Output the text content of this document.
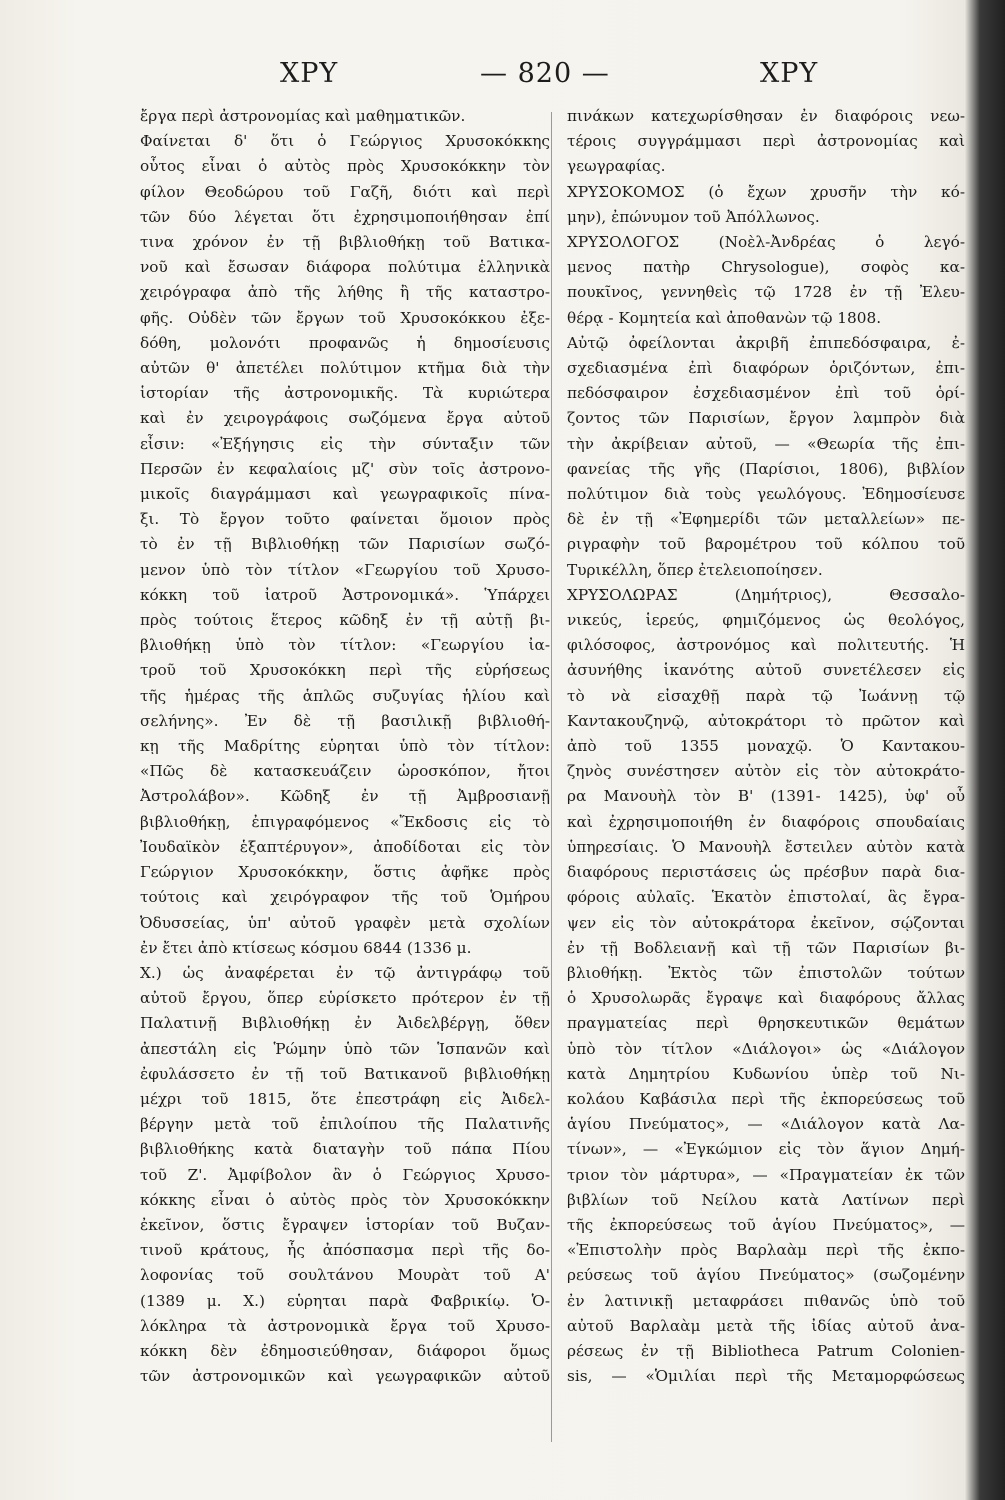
ΧΡΥ	— 820 —	ΧΡΥ
ἔργα περὶ ἀστρονομίας καὶ μαθηματικῶν.
Φαίνεται δ' ὅτι ὁ Γεώργιος Χρυσοκόκκης
οὗτος εἶναι ὁ αὐτὸς πρὸς Χρυσοκόκκην τὸν
φίλον Θεοδώρου τοῦ Γαζῆ, διότι καὶ περὶ
τῶν δύο λέγεται ὅτι ἐχρησιμοποιήθησαν ἐπί
τινα χρόνον ἐν τῇ βιβλιοθήκῃ τοῦ Βατικα-
νοῦ καὶ ἔσωσαν διάφορα πολύτιμα ἑλληνικὰ
χειρόγραφα ἀπὸ τῆς λήθης ἢ τῆς καταστρο-
φῆς. Οὐδὲν τῶν ἔργων τοῦ Χρυσοκόκκου ἐξε-
δόθη, μολονότι προφανῶς ἡ δημοσίευσις
αὐτῶν θ' ἀπετέλει πολύτιμον κτῆμα διὰ τὴν
ἱστορίαν τῆς ἀστρονομικῆς. Τὰ κυριώτερα
καὶ ἐν χειρογράφοις σωζόμενα ἔργα αὐτοῦ
εἶσιν: «Ἐξήγησις εἰς τὴν σύνταξιν τῶν
Περσῶν ἐν κεφαλαίοις μζ' σὺν τοῖς ἀστρονο-
μικοῖς διαγράμμασι καὶ γεωγραφικοῖς πίνα-
ξι. Τὸ ἔργον τοῦτο φαίνεται ὅμοιον πρὸς
τὸ ἐν τῇ Βιβλιοθήκῃ τῶν Παρισίων σωζό-
μενον ὑπὸ τὸν τίτλον «Γεωργίου τοῦ Χρυσο-
κόκκη τοῦ ἰατροῦ Ἀστρονομικά». Ὑπάρχει
πρὸς τούτοις ἕτερος κῶδηξ ἐν τῇ αὐτῇ βι-
βλιοθήκῃ ὑπὸ τὸν τίτλον: «Γεωργίου ἰα-
τροῦ τοῦ Χρυσοκόκκη περὶ τῆς εὑρήσεως
τῆς ἡμέρας τῆς ἁπλῶς συζυγίας ἡλίου καὶ
σελήνης». Ἐν δὲ τῇ βασιλικῇ βιβλιοθή-
κῃ τῆς Μαδρίτης εὑρηται ὑπὸ τὸν τίτλον:
«Πῶς δὲ κατασκευάζειν ὡροσκόπον, ἤτοι
Ἀστρολάβον». Κῶδηξ ἐν τῇ Ἀμβροσιανῇ
βιβλιοθήκῃ, ἐπιγραφόμενος «Ἔκδοσις εἰς τὸ
Ἰουδαϊκὸν ἑξαπτέρυγον», ἀποδίδοται εἰς τὸν
Γεώργιον Χρυσοκόκκην, ὅστις ἀφῆκε πρὸς
τούτοις καὶ χειρόγραφον τῆς τοῦ Ὁμήρου
Ὀδυσσείας, ὑπ' αὐτοῦ γραφὲν μετὰ σχολίων
ἐν ἔτει ἀπὸ κτίσεως κόσμου 6844 (1336 μ.
Χ.) ὡς ἀναφέρεται ἐν τῷ ἀντιγράφῳ τοῦ
αὐτοῦ ἔργου, ὅπερ εὑρίσκετο πρότερον ἐν τῇ
Παλατινῇ Βιβλιοθήκῃ ἐν Ἀιδελβέργῃ, ὅθεν
ἀπεστάλη εἰς Ῥώμην ὑπὸ τῶν Ἱσπανῶν καὶ
ἐφυλάσσετο ἐν τῇ τοῦ Βατικανοῦ βιβλιοθήκῃ
μέχρι τοῦ 1815, ὅτε ἐπεστράφη εἰς Ἀιδελ-
βέργην μετὰ τοῦ ἐπιλοίπου τῆς Παλατινῆς
βιβλιοθήκης κατὰ διαταγὴν τοῦ πάπα Πίου
τοῦ Ζ'. Ἀμφίβολον ἂν ὁ Γεώργιος Χρυσο-
κόκκης εἶναι ὁ αὐτὸς πρὸς τὸν Χρυσοκόκκην
ἐκεῖνον, ὅστις ἔγραψεν ἱστορίαν τοῦ Βυζαν-
τινοῦ κράτους, ἧς ἀπόσπασμα περὶ τῆς δο-
λοφονίας τοῦ σουλτάνου Μουρὰτ τοῦ Α'
(1389 μ. Χ.) εὑρηται παρὰ Φαβρικίῳ. Ὁ-
λόκληρα τὰ ἀστρονομικὰ ἔργα τοῦ Χρυσο-
κόκκη δὲν ἐδημοσιεύθησαν, διάφοροι ὅμως
τῶν ἀστρονομικῶν καὶ γεωγραφικῶν αὐτοῦ
πινάκων κατεχωρίσθησαν ἐν διαφόροις νεω-
τέροις συγγράμμασι περὶ ἀστρονομίας καὶ
γεωγραφίας.
ΧΡΥΣΟΚΟΜΟΣ (ὁ ἔχων χρυσῆν τὴν κό-
μην), ἐπώνυμον τοῦ Ἀπόλλωνος.
ΧΡΥΣΟΛΟΓΟΣ (Νοὲλ-Ἀνδρέας ὁ λεγό-
μενος πατὴρ Chrysologue), σοφὸς κα-
πουκῖνος, γεννηθεὶς τῷ 1728 ἐν τῇ Ἐλευ-
θέρᾳ - Κομητεία καὶ ἀποθανὼν τῷ 1808.
Αὐτῷ ὀφείλονται ἀκριβῆ ἐπιπεδόσφαιρα, ἐ-
σχεδιασμένα ἐπὶ διαφόρων ὁριζόντων, ἐπι-
πεδόσφαιρον ἐσχεδιασμένον ἐπὶ τοῦ ὁρί-
ζοντος τῶν Παρισίων, ἔργον λαμπρὸν διὰ
τὴν ἀκρίβειαν αὐτοῦ, — «Θεωρία τῆς ἐπι-
φανείας τῆς γῆς (Παρίσιοι, 1806), βιβλίον
πολύτιμον διὰ τοὺς γεωλόγους. Ἐδημοσίευσε
δὲ ἐν τῇ «Ἐφημερίδι τῶν μεταλλείων» πε-
ριγραφὴν τοῦ βαρομέτρου τοῦ κόλπου τοῦ
Τυρικέλλη, ὅπερ ἐτελειοποίησεν.
ΧΡΥΣΟΛΩΡΑΣ (Δημήτριος), Θεσσαλο-
νικεύς, ἱερεύς, φημιζόμενος ὡς θεολόγος,
φιλόσοφος, ἀστρονόμος καὶ πολιτευτής. Ἡ
ἀσυνήθης ἱκανότης αὐτοῦ συνετέλεσεν εἰς
τὸ νὰ εἰσαχθῇ παρὰ τῷ Ἰωάννῃ τῷ
Καντακουζηνῷ, αὐτοκράτορι τὸ πρῶτον καὶ
ἀπὸ τοῦ 1355 μοναχῷ. Ὁ Καντακου-
ζηνὸς συνέστησεν αὐτὸν εἰς τὸν αὐτοκράτο-
ρα Μανουὴλ τὸν Β' (1391- 1425), ὑφ' οὗ
καὶ ἐχρησιμοποιήθη ἐν διαφόροις σπουδαίαις
ὑπηρεσίαις. Ὁ Μανουὴλ ἔστειλεν αὐτὸν κατὰ
διαφόρους περιστάσεις ὡς πρέσβυν παρὰ δια-
φόροις αὐλαῖς. Ἑκατὸν ἐπιστολαί, ἃς ἔγρα-
ψεν εἰς τὸν αὐτοκράτορα ἐκεῖνον, σῴζονται
ἐν τῇ Βοδλειανῇ καὶ τῇ τῶν Παρισίων βι-
βλιοθήκῃ. Ἐκτὸς τῶν ἐπιστολῶν τούτων
ὁ Χρυσολωρᾶς ἔγραψε καὶ διαφόρους ἄλλας
πραγματείας περὶ θρησκευτικῶν θεμάτων
ὑπὸ τὸν τίτλον «Διάλογοι» ὡς «Διάλογον
κατὰ Δημητρίου Κυδωνίου ὑπὲρ τοῦ Νι-
κολάου Καβάσιλα περὶ τῆς ἐκπορεύσεως τοῦ
ἁγίου Πνεύματος», — «Διάλογον κατὰ Λα-
τίνων», — «Ἐγκώμιον εἰς τὸν ἅγιον Δημή-
τριον τὸν μάρτυρα», — «Πραγματείαν ἐκ τῶν
βιβλίων τοῦ Νείλου κατὰ Λατίνων περὶ
τῆς ἐκπορεύσεως τοῦ ἁγίου Πνεύματος», —
«Ἐπιστολὴν πρὸς Βαρλαὰμ περὶ τῆς ἐκπο-
ρεύσεως τοῦ ἁγίου Πνεύματος» (σωζομένην
ἐν λατινικῇ μεταφράσει πιθανῶς ὑπὸ τοῦ
αὐτοῦ Βαρλαὰμ μετὰ τῆς ἰδίας αὐτοῦ ἀνα-
ρέσεως ἐν τῇ Bibliotheca Patrum Colonien-
sis, — «Ὁμιλίαι περὶ τῆς Μεταμορφώσεως
